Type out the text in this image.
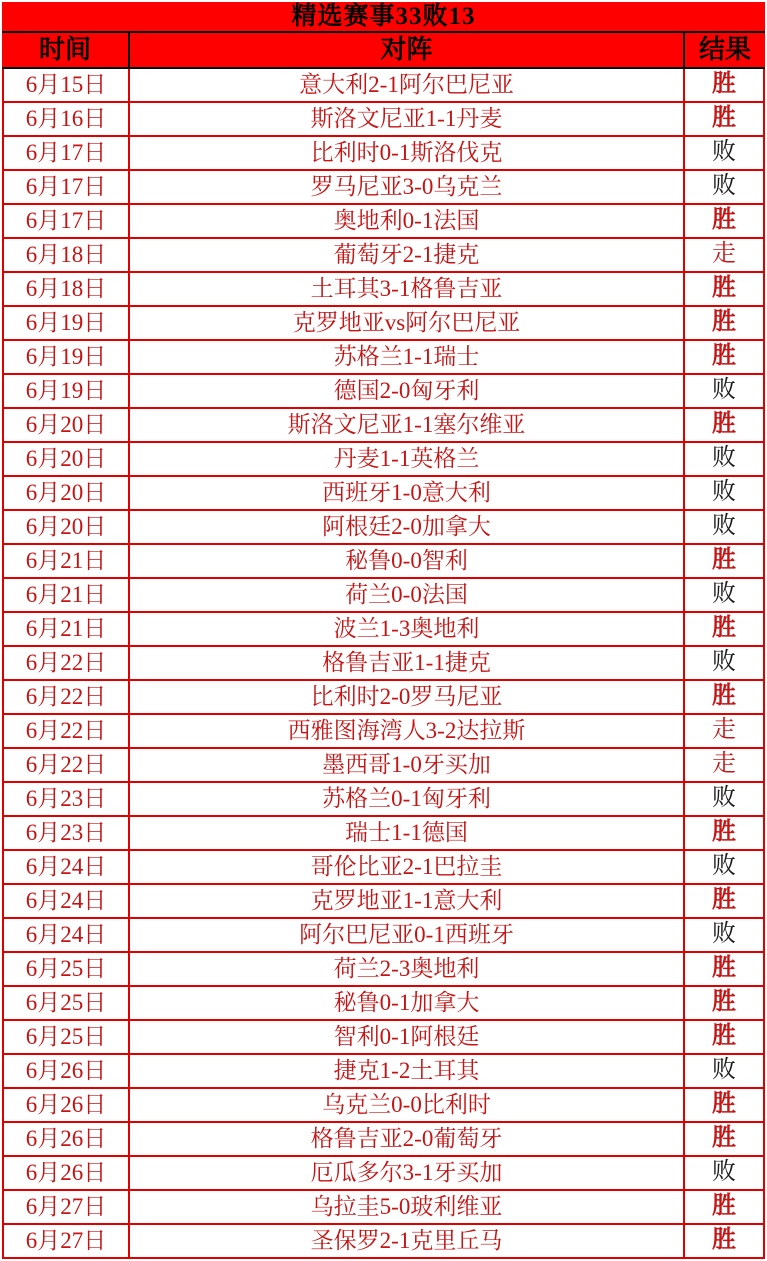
精选赛事33败13
时间	对阵	结果
6月15日	意大利2-1阿尔巴尼亚	胜
6月16日	斯洛文尼亚1-1丹麦	胜
6月17日	比利时0-1斯洛伐克	败
6月17日	罗马尼亚3-0乌克兰	败
6月17日	奥地利0-1法国	胜
6月18日	葡萄牙2-1捷克	走
6月18日	土耳其3-1格鲁吉亚	胜
6月19日	克罗地亚vs阿尔巴尼亚	胜
6月19日	苏格兰1-1瑞士	胜
6月19日	德国2-0匈牙利	败
6月20日	斯洛文尼亚1-1塞尔维亚	胜
6月20日	丹麦1-1英格兰	败
6月20日	西班牙1-0意大利	败
6月20日	阿根廷2-0加拿大	败
6月21日	秘鲁0-0智利	胜
6月21日	荷兰0-0法国	败
6月21日	波兰1-3奥地利	胜
6月22日	格鲁吉亚1-1捷克	败
6月22日	比利时2-0罗马尼亚	胜
6月22日	西雅图海湾人3-2达拉斯	走
6月22日	墨西哥1-0牙买加	走
6月23日	苏格兰0-1匈牙利	败
6月23日	瑞士1-1德国	胜
6月24日	哥伦比亚2-1巴拉圭	败
6月24日	克罗地亚1-1意大利	胜
6月24日	阿尔巴尼亚0-1西班牙	败
6月25日	荷兰2-3奥地利	胜
6月25日	秘鲁0-1加拿大	胜
6月25日	智利0-1阿根廷	胜
6月26日	捷克1-2土耳其	败
6月26日	乌克兰0-0比利时	胜
6月26日	格鲁吉亚2-0葡萄牙	胜
6月26日	厄瓜多尔3-1牙买加	败
6月27日	乌拉圭5-0玻利维亚	胜
6月27日	圣保罗2-1克里丘马	胜
